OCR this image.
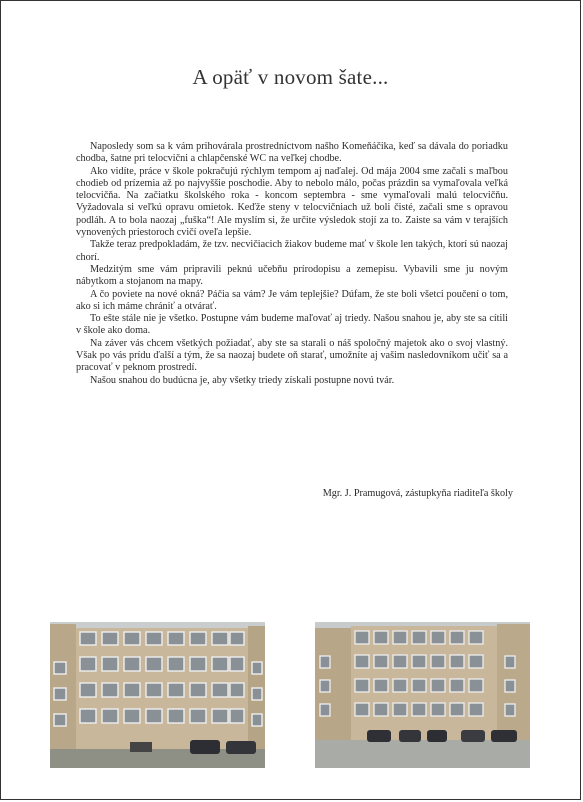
A opäť v novom šate...

Naposledy som sa k vám prihovárala prostredníctvom našho Komeňáčika, keď sa dávala do poriadku chodba, šatne pri telocvični a chlapčenské WC na veľkej chodbe.

Ako vidíte, práce v škole pokračujú rýchlym tempom aj naďalej. Od mája 2004 sme začali s maľbou chodieb od prízemia až po najvyššie poschodie. Aby to nebolo málo, počas prázdin sa vymaľovala veľká telocvičňa. Na začiatku školského roka - koncom septembra - sme vymaľovali malú telocvičňu. Vyžadovala si veľkú opravu omietok. Keďže steny v telocvičniach už boli čisté, začali sme s opravou podláh. A to bola naozaj „fuška“! Ale myslím si, že určite výsledok stojí za to. Zaiste sa vám v terajších vynovených priestoroch cvičí oveľa lepšie.

Takže teraz predpokladám, že tzv. necvičiacich žiakov budeme mať v škole len takých, ktorí sú naozaj chorí.

Medzitým sme vám pripravili peknú učebňu prírodopisu a zemepisu. Vybavili sme ju novým nábytkom a stojanom na mapy.

A čo poviete na nové okná? Páčia sa vám? Je vám teplejšie? Dúfam, že ste boli všetci poučení o tom, ako si ich máme chrániť a otvárať.

To ešte stále nie je všetko. Postupne vám budeme maľovať aj triedy. Našou snahou je, aby ste sa cítili v škole ako doma.

Na záver vás chcem všetkých požiadať, aby ste sa starali o náš spoločný majetok ako o svoj vlastný. Však po vás prídu ďalší a tým, že sa naozaj budete oň starať, umožníte aj vašim nasledovníkom učiť sa a pracovať v peknom prostredí.

Našou snahou do budúcna je, aby všetky triedy získali postupne novú tvár.

Mgr. J. Pramugová, zástupkyňa riaditeľa školy
